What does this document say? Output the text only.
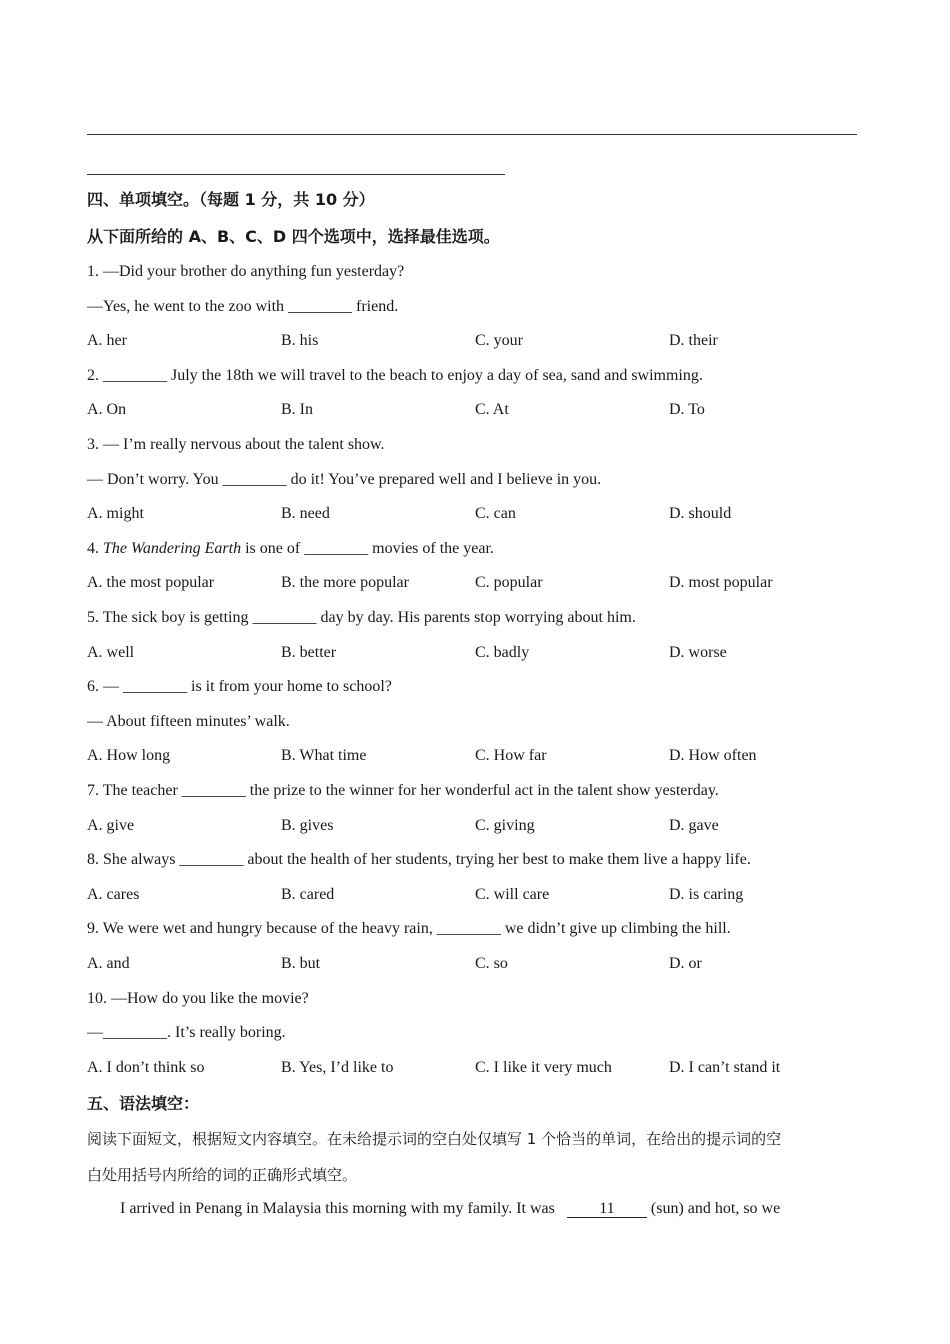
四、单项填空。（每题 1 分，共 10 分）
从下面所给的 A、B、C、D 四个选项中，选择最佳选项。
1. —Did your brother do anything fun yesterday?
—Yes, he went to the zoo with ________ friend.
A. her	B. his	C. your	D. their
2. ________ July the 18th we will travel to the beach to enjoy a day of sea, sand and swimming.
A. On	B. In	C. At	D. To
3. — I’m really nervous about the talent show.
— Don’t worry. You ________ do it! You’ve prepared well and I believe in you.
A. might	B. need	C. can	D. should
4. The Wandering Earth is one of ________ movies of the year.
A. the most popular	B. the more popular	C. popular	D. most popular
5. The sick boy is getting ________ day by day. His parents stop worrying about him.
A. well	B. better	C. badly	D. worse
6. — ________ is it from your home to school?
— About fifteen minutes’ walk.
A. How long	B. What time	C. How far	D. How often
7. The teacher ________ the prize to the winner for her wonderful act in the talent show yesterday.
A. give	B. gives	C. giving	D. gave
8. She always ________ about the health of her students, trying her best to make them live a happy life.
A. cares	B. cared	C. will care	D. is caring
9. We were wet and hungry because of the heavy rain, ________ we didn’t give up climbing the hill.
A. and	B. but	C. so	D. or
10. —How do you like the movie?
—________. It’s really boring.
A. I don’t think so	B. Yes, I’d like to	C. I like it very much	D. I can’t stand it
五、语法填空：
阅读下面短文，根据短文内容填空。在未给提示词的空白处仅填写 1 个恰当的单词，在给出的提示词的空
白处用括号内所给的词的正确形式填空。
I arrived in Penang in Malaysia this morning with my family. It was	11 (sun) and hot, so we
